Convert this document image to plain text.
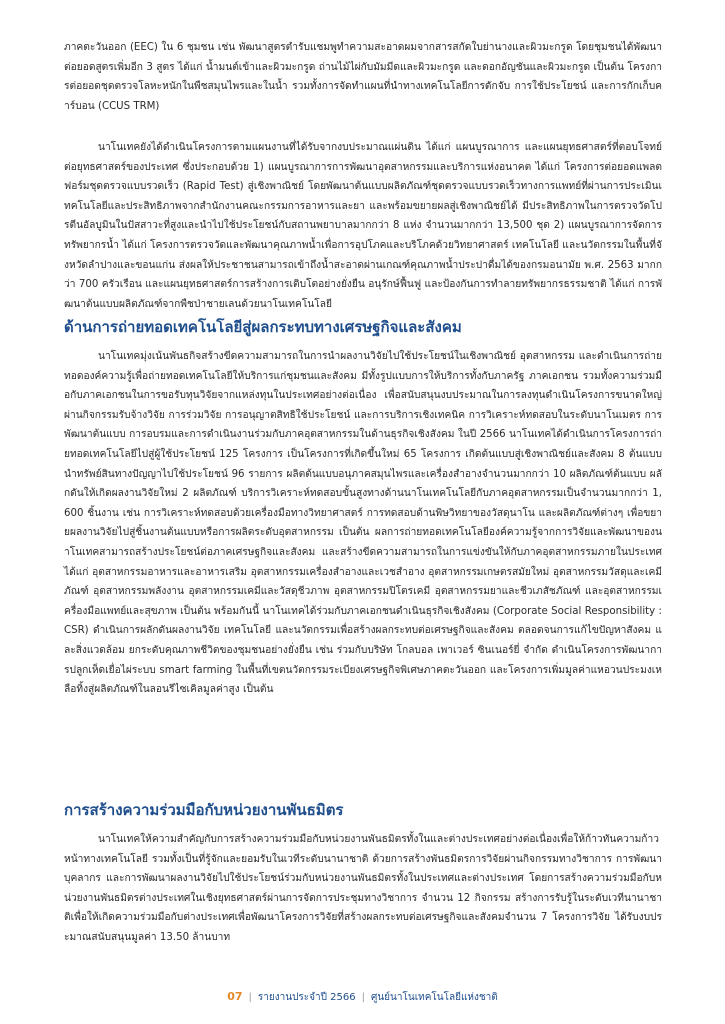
ภาคตะวันออก (EEC) ใน 6 ชุมชน เช่น พัฒนาสูตรตำรับแชมพูทำความสะอาดผมจากสารสกัดใบย่านางและผิวมะกรูด โดยชุมชนได้พัฒนาต่อยอดสูตรเพิ่มอีก 3 สูตร ได้แก่ น้ำมนต์เข้าและผิวมะกรูด ถ่านไม้ไผ่กับมัมมีดและผิวมะกรูด และดอกอัญชันและผิวมะกรูด เป็นต้น โครงการต่อยอดชุดตรวจโลหะหนักในพืชสมุนไพรและในน้ำ รวมทั้งการจัดทำแผนที่นำทางเทคโนโลยีการดักจับ การใช้ประโยชน์ และการกักเก็บคาร์บอน (CCUS TRM)

นาโนเทคยังได้ดำเนินโครงการตามแผนงานที่ได้รับจากงบประมาณแผ่นดิน ได้แก่ แผนบูรณาการ และแผนยุทธศาสตร์ที่ตอบโจทย์ต่อยุทธศาสตร์ของประเทศ ซึ่งประกอบด้วย 1) แผนบูรณาการการพัฒนาอุตสาหกรรมและบริการแห่งอนาคต ได้แก่ โครงการต่อยอดแพลตฟอร์มชุดตรวจแบบรวดเร็ว (Rapid Test) สู่เชิงพาณิชย์ โดยพัฒนาต้นแบบผลิตภัณฑ์ชุดตรวจแบบรวดเร็วทางการแพทย์ที่ผ่านการประเมินเทคโนโลยีและประสิทธิภาพจากสำนักงานคณะกรรมการอาหารและยา และพร้อมขยายผลสู่เชิงพาณิชย์ได้ มีประสิทธิภาพในการตรวจวัดโปรตีนอัลบูมินในปัสสาวะที่สูงและนำไปใช้ประโยชน์กับสถานพยาบาลมากกว่า 8 แห่ง จำนวนมากกว่า 13,500 ชุด 2) แผนบูรณาการจัดการทรัพยากรน้ำ ได้แก่ โครงการตรวจวัดและพัฒนาคุณภาพน้ำเพื่อการอุปโภคและบริโภคด้วยวิทยาศาสตร์ เทคโนโลยี และนวัตกรรมในพื้นที่จังหวัดลำปางและขอนแก่น ส่งผลให้ประชาชนสามารถเข้าถึงน้ำสะอาดผ่านเกณฑ์คุณภาพน้ำประปาดื่มได้ของกรมอนามัย พ.ศ. 2563 มากกว่า 700 ครัวเรือน และแผนยุทธศาสตร์การสร้างการเติบโตอย่างยั่งยืน อนุรักษ์ฟื้นฟู และป้องกันการทำลายทรัพยากรธรรมชาติ ได้แก่ การพัฒนาต้นแบบผลิตภัณฑ์จากพืชป่าชายเลนด้วยนาโนเทคโนโลยี

ด้านการถ่ายทอดเทคโนโลยีสู่ผลกระทบทางเศรษฐกิจและสังคม

นาโนเทคมุ่งเน้นพันธกิจสร้างขีดความสามารถในการนำผลงานวิจัยไปใช้ประโยชน์ในเชิงพาณิชย์ อุตสาหกรรม และดำเนินการถ่ายทอดองค์ความรู้เพื่อถ่ายทอดเทคโนโลยีให้บริการแก่ชุมชนและสังคม มีทั้งรูปแบบการให้บริการทั้งกับภาครัฐ ภาคเอกชน รวมทั้งความร่วมมือกับภาคเอกชนในการขอรับทุนวิจัยจากแหล่งทุนในประเทศอย่างต่อเนื่อง เพื่อสนับสนุนงบประมาณในการลงทุนดำเนินโครงการขนาดใหญ่ผ่านกิจกรรมรับจ้างวิจัย การร่วมวิจัย การอนุญาตสิทธิใช้ประโยชน์ และการบริการเชิงเทคนิค การวิเคราะห์ทดสอบในระดับนาโนเมตร การพัฒนาต้นแบบ การอบรมและการดำเนินงานร่วมกับภาคอุตสาหกรรมในด้านธุรกิจเชิงสังคม ในปี 2566 นาโนเทคได้ดำเนินการโครงการถ่ายทอดเทคโนโลยีไปสู่ผู้ใช้ประโยชน์ 125 โครงการ เป็นโครงการที่เกิดขึ้นใหม่ 65 โครงการ เกิดต้นแบบสู่เชิงพาณิชย์และสังคม 8 ต้นแบบ นำทรัพย์สินทางปัญญาไปใช้ประโยชน์ 96 รายการ ผลิตต้นแบบอนุภาคสมุนไพรและเครื่องสำอางจำนวนมากกว่า 10 ผลิตภัณฑ์ต้นแบบ ผลักดันให้เกิดผลงานวิจัยใหม่ 2 ผลิตภัณฑ์ บริการวิเคราะห์ทดสอบขั้นสูงทางด้านนาโนเทคโนโลยีกับภาคอุตสาหกรรมเป็นจำนวนมากกว่า 1,600 ชิ้นงาน เช่น การวิเคราะห์ทดสอบด้วยเครื่องมือทางวิทยาศาสตร์ การทดสอบด้านพิษวิทยาของวัสดุนาโน และผลิตภัณฑ์ต่างๆ เพื่อขยายผลงานวิจัยไปสู่ชิ้นงานต้นแบบหรือการผลิตระดับอุตสาหกรรม เป็นต้น ผลการถ่ายทอดเทคโนโลยีองค์ความรู้จากการวิจัยและพัฒนาของนาโนเทคสามารถสร้างประโยชน์ต่อภาคเศรษฐกิจและสังคม และสร้างขีดความสามารถในการแข่งขันให้กับภาคอุตสาหกรรมภายในประเทศ ได้แก่ อุตสาหกรรมอาหารและอาหารเสริม อุตสาหกรรมเครื่องสำอางและเวชสำอาง อุตสาหกรรมเกษตรสมัยใหม่ อุตสาหกรรมวัสดุและเคมีภัณฑ์ อุตสาหกรรมพลังงาน อุตสาหกรรมเคมีและวัสดุชีวภาพ อุตสาหกรรมปิโตรเคมี อุตสาหกรรมยาและชีวเภสัชภัณฑ์ และอุตสาหกรรมเครื่องมือแพทย์และสุขภาพ เป็นต้น พร้อมกันนี้ นาโนเทคได้ร่วมกับภาคเอกชนดำเนินธุรกิจเชิงสังคม (Corporate Social Responsibility : CSR) ดำเนินการผลักดันผลงานวิจัย เทคโนโลยี และนวัตกรรมเพื่อสร้างผลกระทบต่อเศรษฐกิจและสังคม ตลอดจนการแก้ไขปัญหาสังคม และสิ่งแวดล้อม ยกระดับคุณภาพชีวิตของชุมชนอย่างยั่งยืน เช่น ร่วมกับบริษัท โกลบอล เพาเวอร์ ซินเนอร์ยี่ จำกัด ดำเนินโครงการพัฒนาการปลูกเห็ดเยื่อไผ่ระบบ smart farming ในพื้นที่เขตนวัตกรรมระเบียงเศรษฐกิจพิเศษภาคตะวันออก และโครงการเพิ่มมูลค่าแหอวนประมงเหลือทิ้งสู่ผลิตภัณฑ์ในลอนรีไซเคิลมูลค่าสูง เป็นต้น

การสร้างความร่วมมือกับหน่วยงานพันธมิตร

นาโนเทคให้ความสำคัญกับการสร้างความร่วมมือกับหน่วยงานพันธมิตรทั้งในและต่างประเทศอย่างต่อเนื่องเพื่อให้ก้าวทันความก้าวหน้าทางเทคโนโลยี รวมทั้งเป็นที่รู้จักและยอมรับในเวทีระดับนานาชาติ ด้วยการสร้างพันธมิตรการวิจัยผ่านกิจกรรมทางวิชาการ การพัฒนาบุคลากร และการพัฒนาผลงานวิจัยไปใช้ประโยชน์ร่วมกับหน่วยงานพันธมิตรทั้งในประเทศและต่างประเทศ โดยการสร้างความร่วมมือกับหน่วยงานพันธมิตรต่างประเทศในเชิงยุทธศาสตร์ผ่านการจัดการประชุมทางวิชาการ จำนวน 12 กิจกรรม สร้างการรับรู้ในระดับเวทีนานาชาติเพื่อให้เกิดความร่วมมือกับต่างประเทศเพื่อพัฒนาโครงการวิจัยที่สร้างผลกระทบต่อเศรษฐกิจและสังคมจำนวน 7 โครงการวิจัย ได้รับงบประมาณสนับสนุนมูลค่า 13.50 ล้านบาท

07 | รายงานประจำปี 2566 | ศูนย์นาโนเทคโนโลยีแห่งชาติ
